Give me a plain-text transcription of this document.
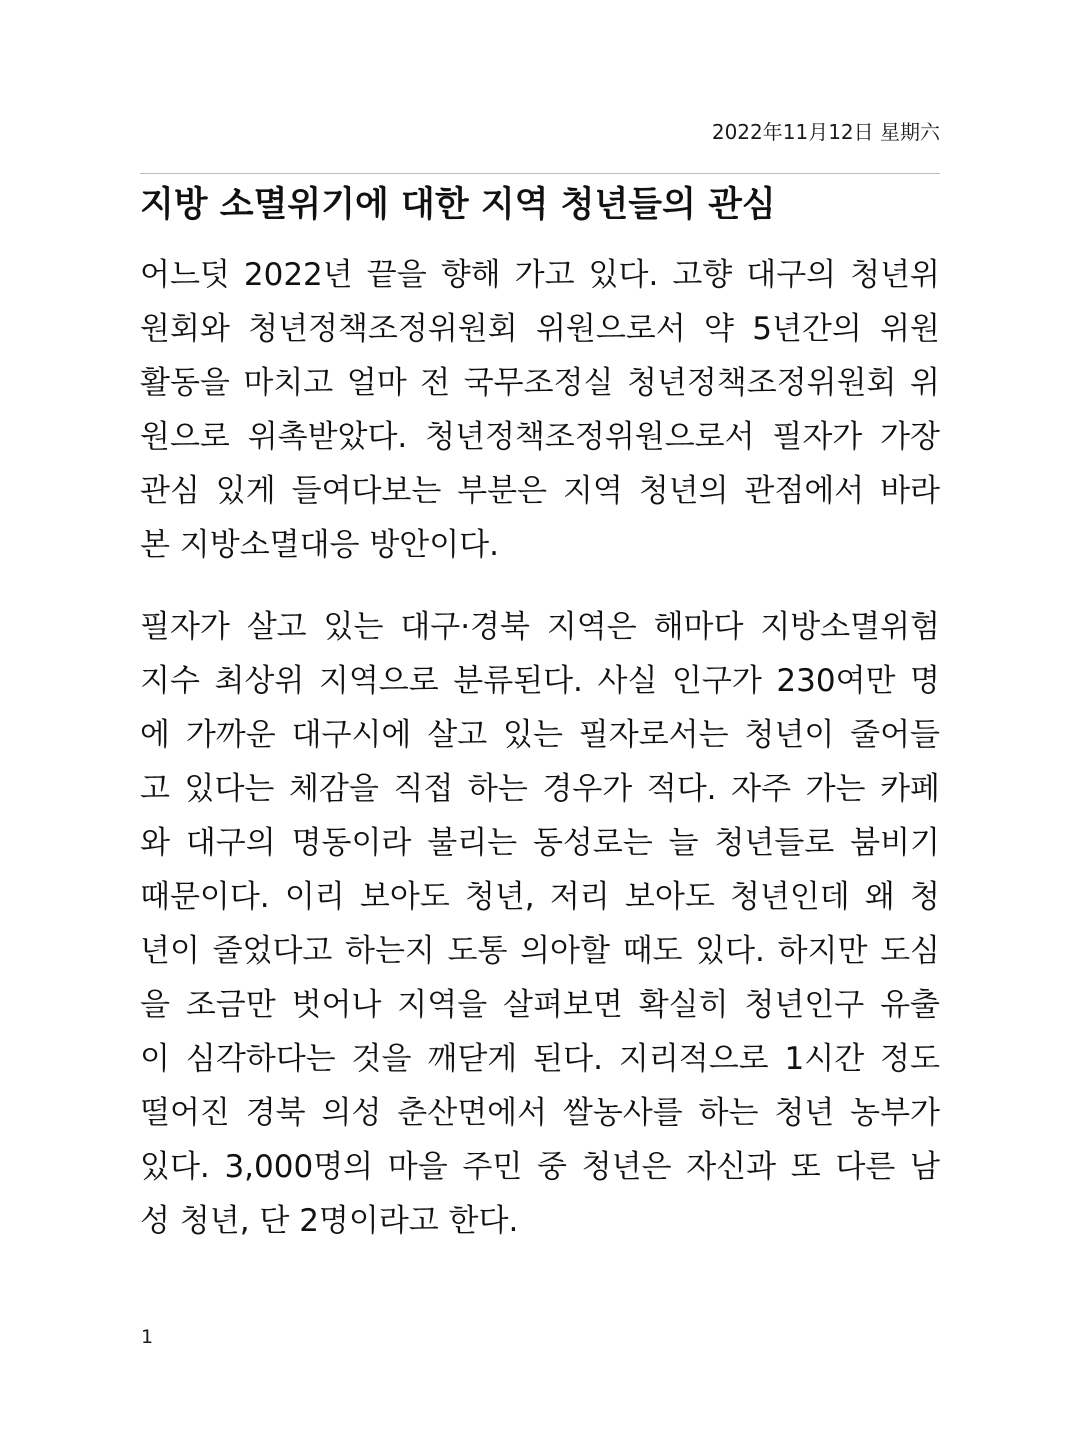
2022年11月12日 星期六
지방 소멸위기에 대한 지역 청년들의 관심
어느덧 2022년 끝을 향해 가고 있다. 고향 대구의 청년위
원회와 청년정책조정위원회 위원으로서 약 5년간의 위원
활동을 마치고 얼마 전 국무조정실 청년정책조정위원회 위
원으로 위촉받았다. 청년정책조정위원으로서 필자가 가장
관심 있게 들여다보는 부분은 지역 청년의 관점에서 바라
본 지방소멸대응 방안이다.
필자가 살고 있는 대구·경북 지역은 해마다 지방소멸위험
지수 최상위 지역으로 분류된다. 사실 인구가 230여만 명
에 가까운 대구시에 살고 있는 필자로서는 청년이 줄어들
고 있다는 체감을 직접 하는 경우가 적다. 자주 가는 카페
와 대구의 명동이라 불리는 동성로는 늘 청년들로 붐비기
때문이다. 이리 보아도 청년, 저리 보아도 청년인데 왜 청
년이 줄었다고 하는지 도통 의아할 때도 있다. 하지만 도심
을 조금만 벗어나 지역을 살펴보면 확실히 청년인구 유출
이 심각하다는 것을 깨닫게 된다. 지리적으로 1시간 정도
떨어진 경북 의성 춘산면에서 쌀농사를 하는 청년 농부가
있다. 3,000명의 마을 주민 중 청년은 자신과 또 다른 남
성 청년, 단 2명이라고 한다.
1
